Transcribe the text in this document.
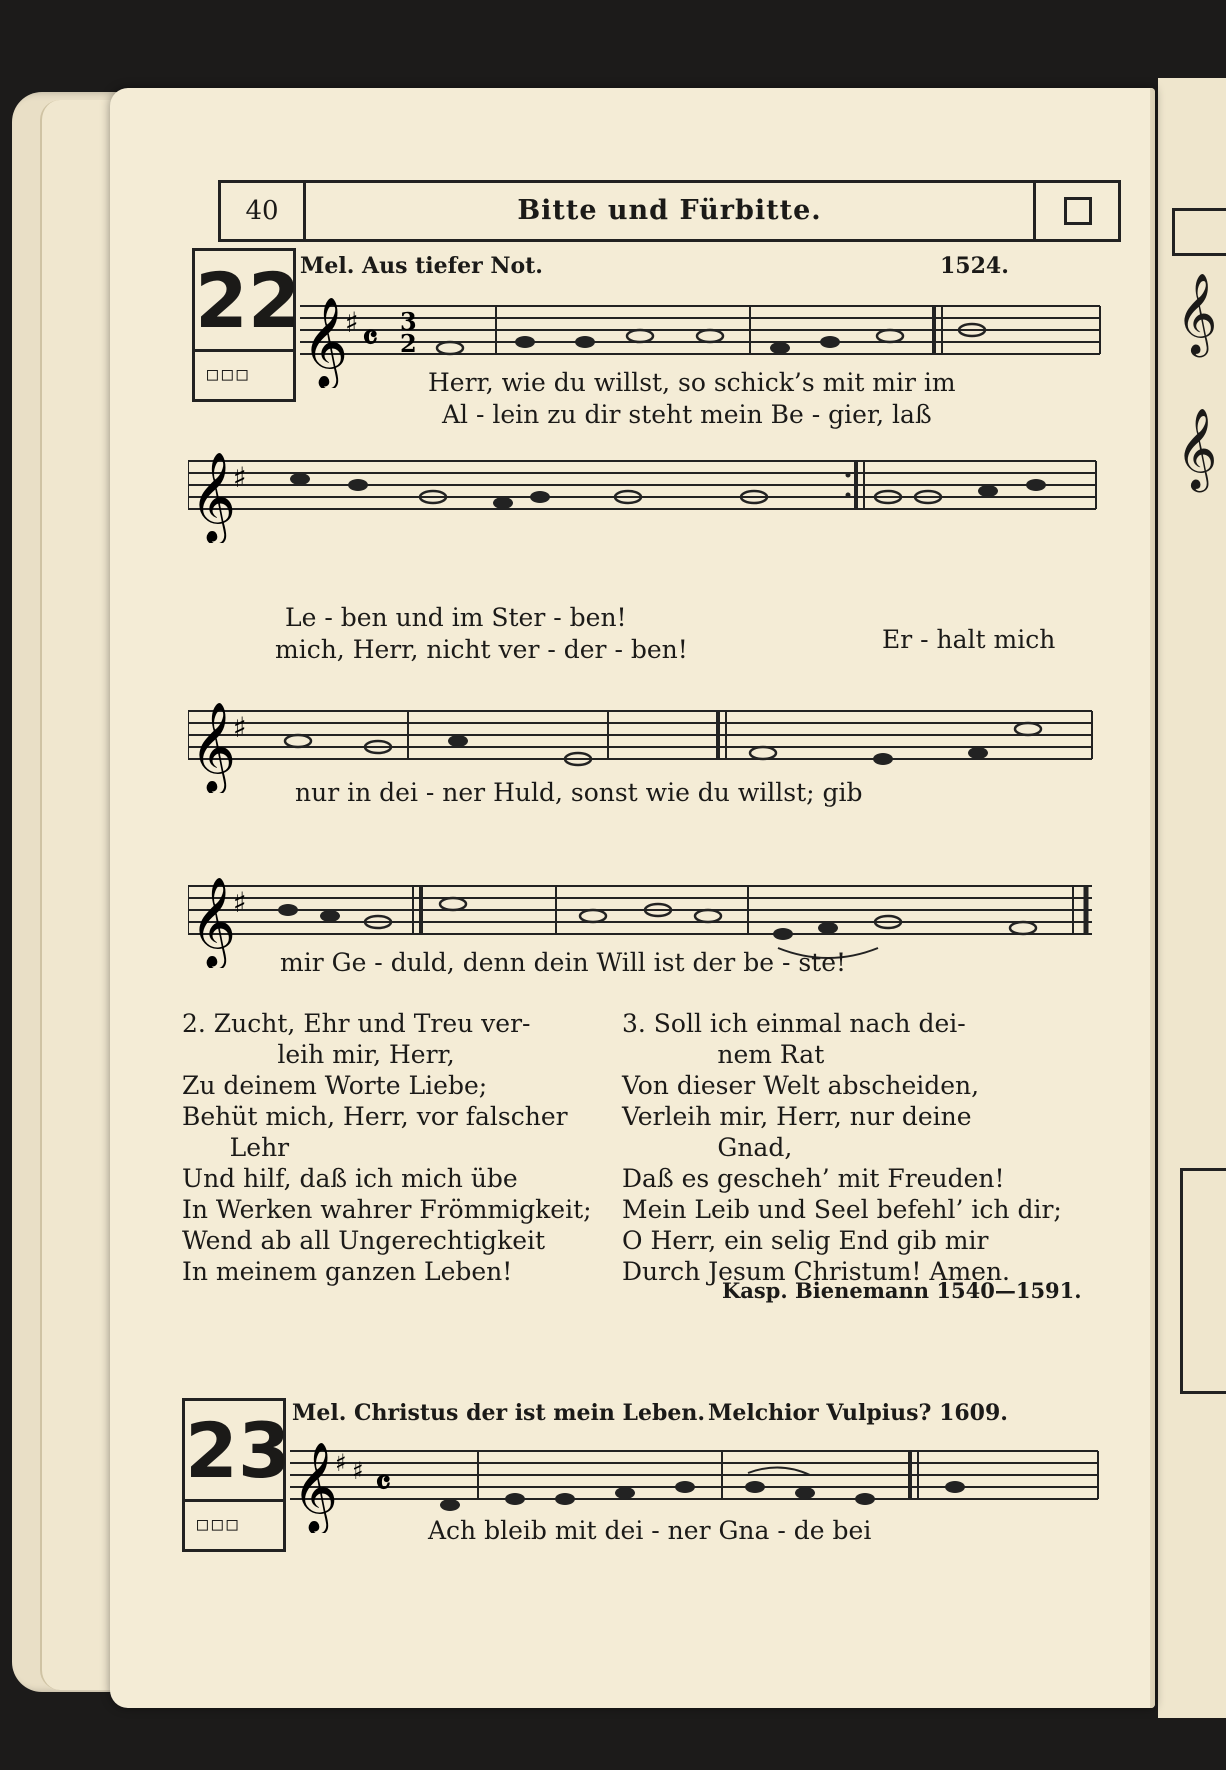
𝄞
𝄞
40	Bitte und Fürbitte.
22
□□□
Mel. Aus tiefer Not.	1524.
𝄞
♯ 𝄴 3
2
Herr, wie du willst, so schick’s mit mir im
Al - lein zu dir steht mein Be - gier, laß
𝄞
♯
Le - ben und im Ster - ben!
mich, Herr, nicht ver - der - ben!	Er - halt mich
𝄞
♯
nur in dei - ner Huld, sonst wie du willst; gib
𝄞
♯
mir Ge - duld, denn dein Will ist der be - ste!
2. Zucht, Ehr und Treu ver-
leih mir, Herr,
Zu deinem Worte Liebe;
Behüt mich, Herr, vor falscher
Lehr
Und hilf, daß ich mich übe
In Werken wahrer Frömmigkeit;
Wend ab all Ungerechtigkeit
In meinem ganzen Leben!
3. Soll ich einmal nach dei-
nem Rat
Von dieser Welt abscheiden,
Verleih mir, Herr, nur deine
Gnad,
Daß es gescheh’ mit Freuden!
Mein Leib und Seel befehl’ ich dir;
O Herr, ein selig End gib mir
Durch Jesum Christum! Amen.
Kasp. Bienemann 1540—1591.
23
□□□
Mel. Christus der ist mein Leben. Melchior Vulpius? 1609.
𝄞
♯ ♯ 𝄴
Ach bleib mit dei - ner Gna - de bei
